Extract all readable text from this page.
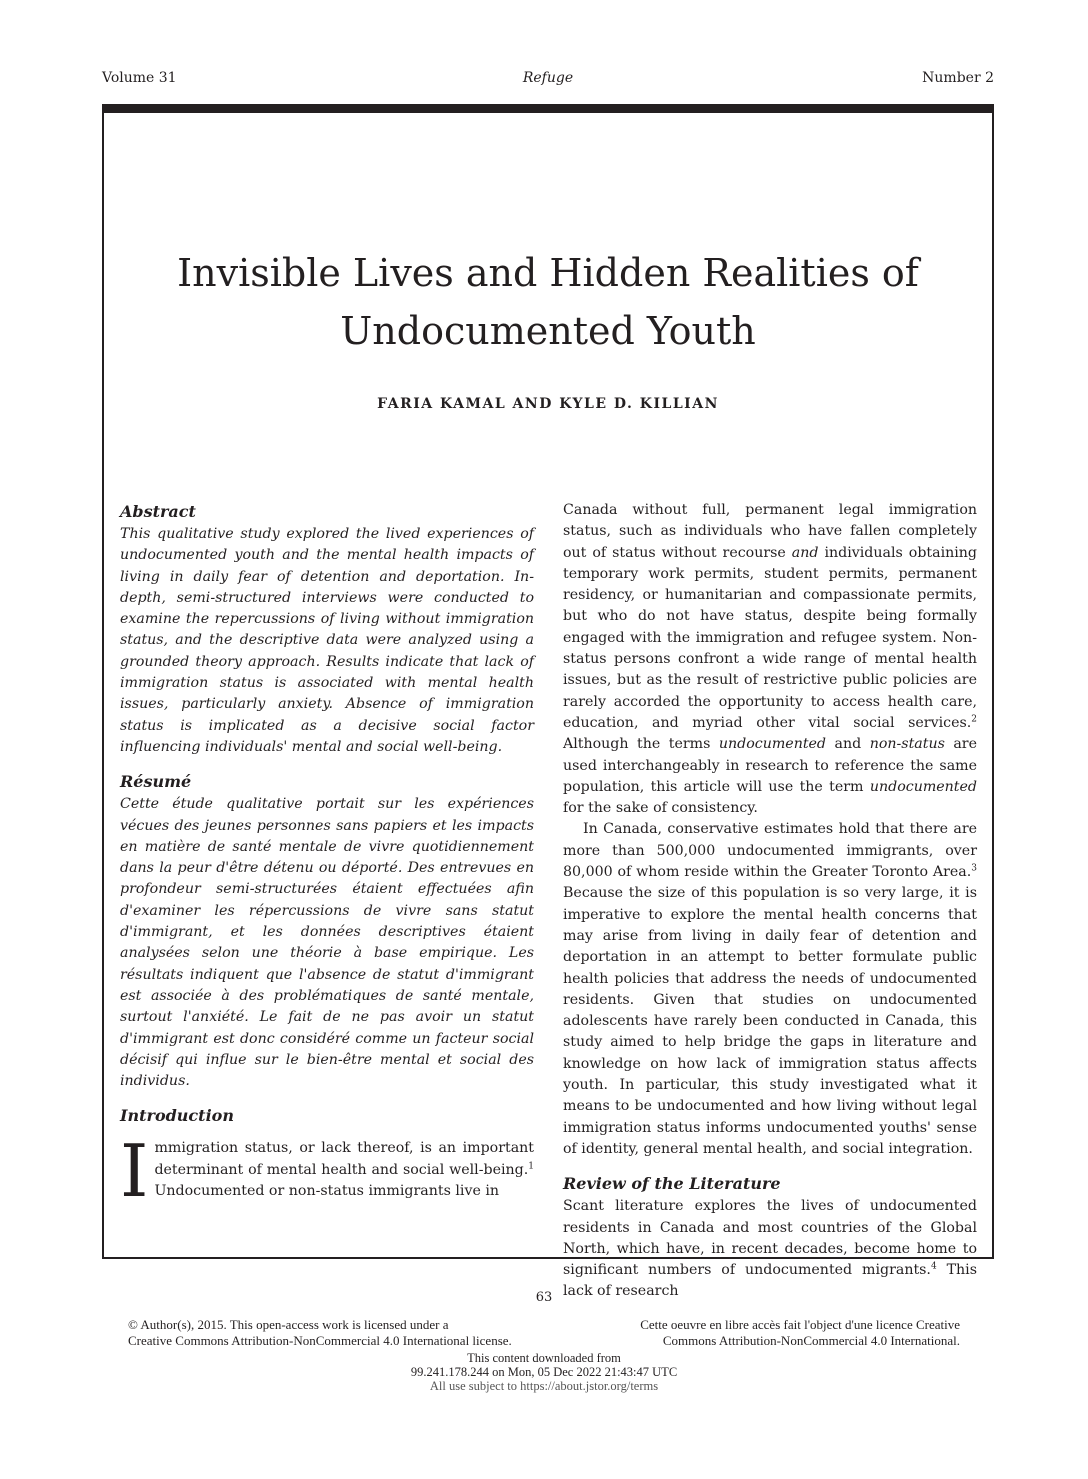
Volume 31	Refuge	Number 2
Invisible Lives and Hidden Realities of
Undocumented Youth
FARIA KAMAL AND KYLE D. KILLIAN
Abstract

This qualitative study explored the lived experiences of undocumented youth and the mental health impacts of living in daily fear of detention and deportation. In-depth, semi-structured interviews were conducted to examine the repercussions of living without immigration status, and the descriptive data were analyzed using a grounded theory approach. Results indicate that lack of immigration status is associated with mental health issues, particularly anxiety. Absence of immigration status is implicated as a decisive social factor influencing individuals' mental and social well-being.

Résumé

Cette étude qualitative portait sur les expériences vécues des jeunes personnes sans papiers et les impacts en matière de santé mentale de vivre quotidiennement dans la peur d'être détenu ou déporté. Des entrevues en profondeur semi-structurées étaient effectuées afin d'examiner les répercussions de vivre sans statut d'immigrant, et les données descriptives étaient analysées selon une théorie à base empirique. Les résultats indiquent que l'absence de statut d'immigrant est associée à des problématiques de santé mentale, surtout l'anxiété. Le fait de ne pas avoir un statut d'immigrant est donc considéré comme un facteur social décisif qui influe sur le bien-être mental et social des individus.

Introduction

Immigration status, or lack thereof, is an important determinant of mental health and social well-being.$^1$ Undocumented or non-status immigrants live in

Canada without full, permanent legal immigration status, such as individuals who have fallen completely out of status without recourse and individuals obtaining temporary work permits, student permits, permanent residency, or humanitarian and compassionate permits, but who do not have status, despite being formally engaged with the immigration and refugee system. Non-status persons confront a wide range of mental health issues, but as the result of restrictive public policies are rarely accorded the opportunity to access health care, education, and myriad other vital social services.$^2$ Although the terms undocumented and non-status are used interchangeably in research to reference the same population, this article will use the term undocumented for the sake of consistency.

In Canada, conservative estimates hold that there are more than 500,000 undocumented immigrants, over 80,000 of whom reside within the Greater Toronto Area.$^3$ Because the size of this population is so very large, it is imperative to explore the mental health concerns that may arise from living in daily fear of detention and deportation in an attempt to better formulate public health policies that address the needs of undocumented residents. Given that studies on undocumented adolescents have rarely been conducted in Canada, this study aimed to help bridge the gaps in literature and knowledge on how lack of immigration status affects youth. In particular, this study investigated what it means to be undocumented and how living without legal immigration status informs undocumented youths' sense of identity, general mental health, and social integration.

Review of the Literature

Scant literature explores the lives of undocumented residents in Canada and most countries of the Global North, which have, in recent decades, become home to significant numbers of undocumented migrants.$^4$ This lack of research

63
© Author(s), 2015. This open-access work is licensed under a
Creative Commons Attribution-NonCommercial 4.0 International license.
Cette oeuvre en libre accès fait l'object d'une licence Creative
Commons Attribution-NonCommercial 4.0 International.
This content downloaded from
99.241.178.244 on Mon, 05 Dec 2022 21:43:47 UTC
All use subject to https://about.jstor.org/terms
